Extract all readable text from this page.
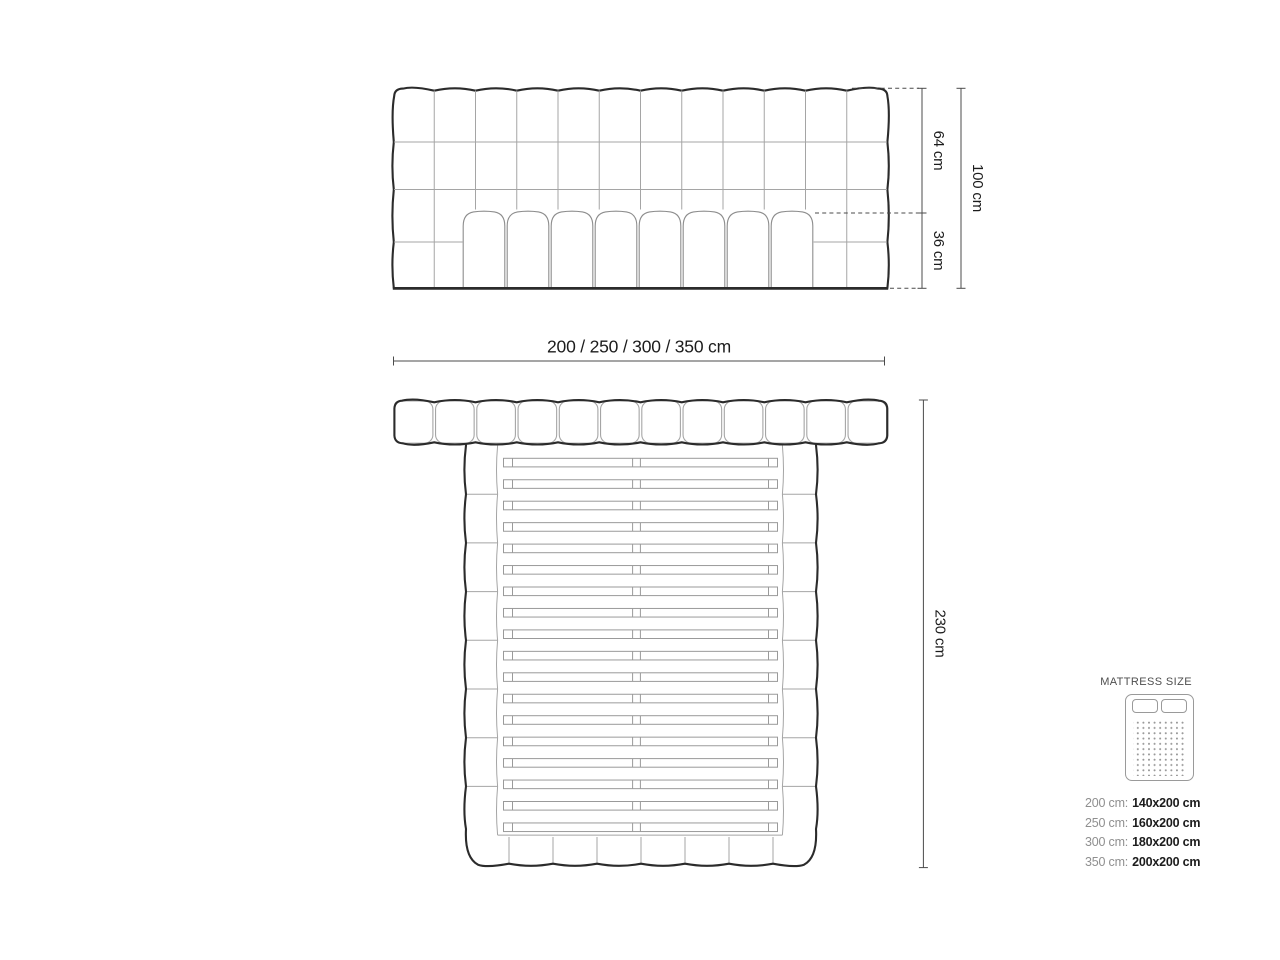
64 cm
36 cm
100 cm
200 / 250 / 300 / 350 cm
230 cm
MATTRESS SIZE
200 cm: 140x200 cm
250 cm: 160x200 cm
300 cm: 180x200 cm
350 cm: 200x200 cm
